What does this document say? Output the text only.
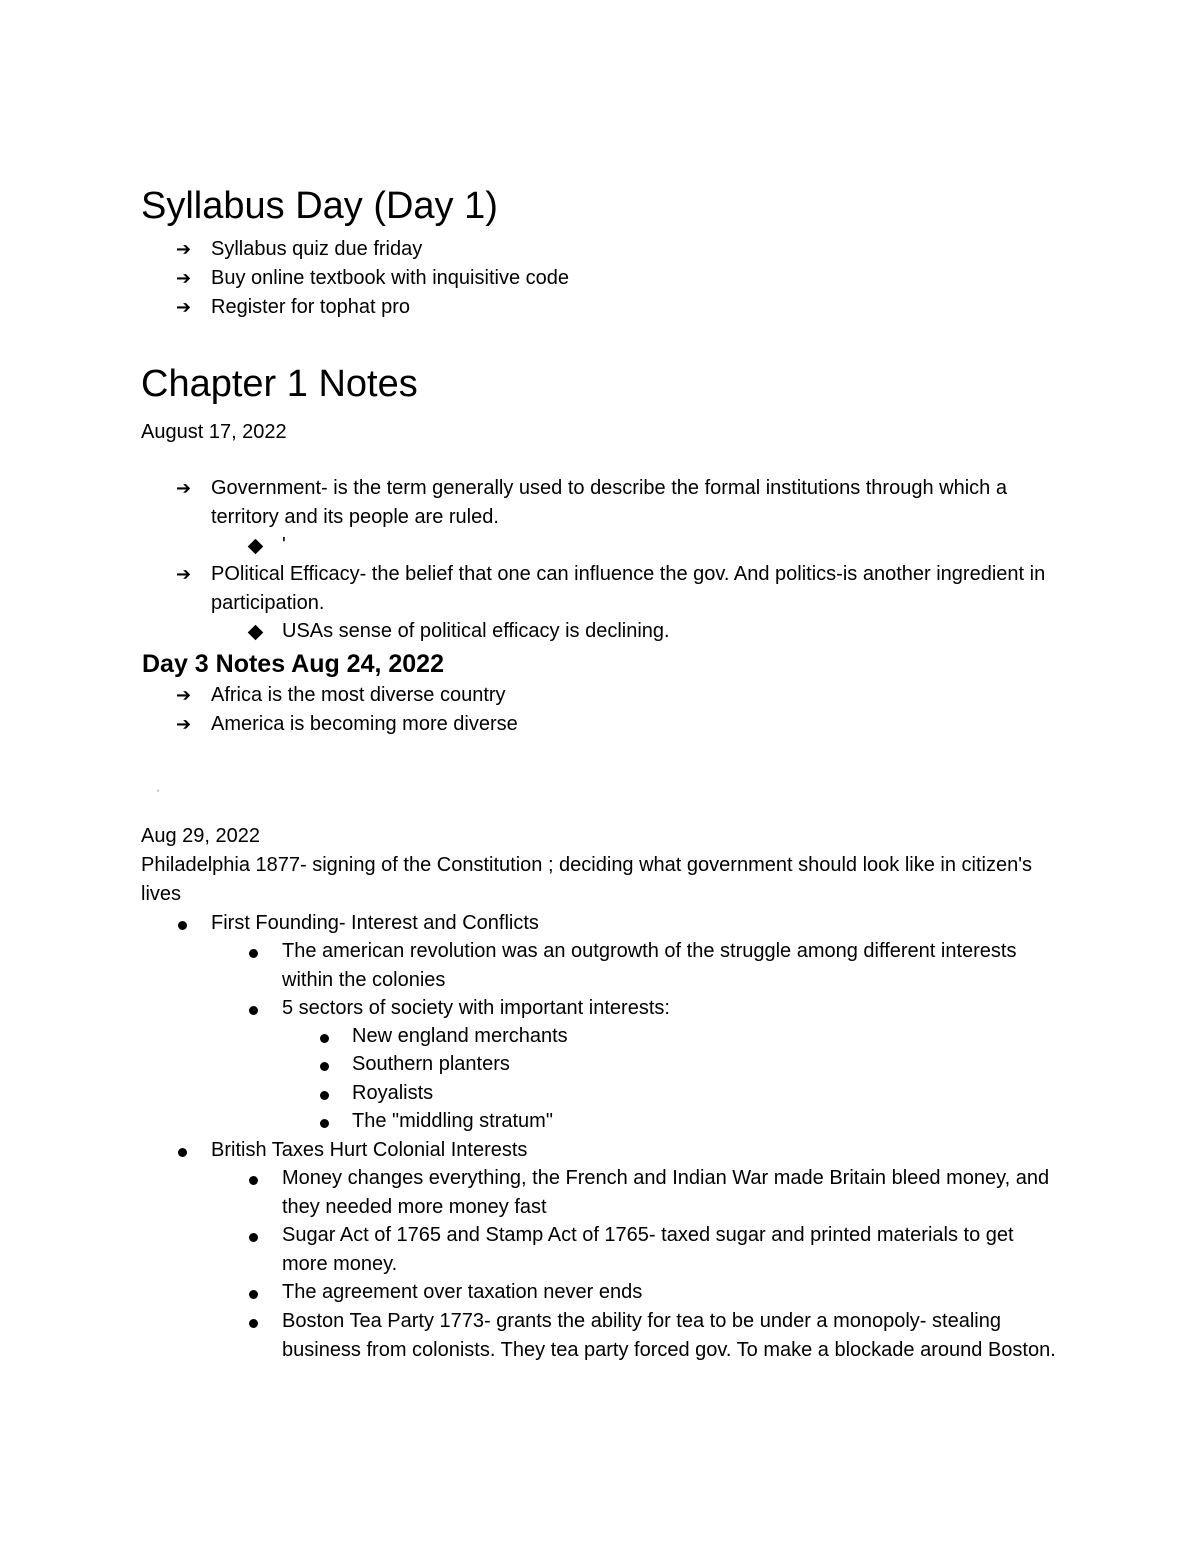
Syllabus Day (Day 1)
➔ Syllabus quiz due friday
➔ Buy online textbook with inquisitive code
➔ Register for tophat pro
Chapter 1 Notes
August 17, 2022
➔ Government- is the term generally used to describe the formal institutions through which a territory and its people are ruled.
'
➔ POlitical Efficacy- the belief that one can influence the gov. And politics-is another ingredient in participation.
USAs sense of political efficacy is declining.
Day 3 Notes Aug 24, 2022
➔ Africa is the most diverse country
➔ America is becoming more diverse
'
Aug 29, 2022
Philadelphia 1877- signing of the Constitution ; deciding what government should look like in citizen's lives
First Founding- Interest and Conflicts
The american revolution was an outgrowth of the struggle among different interests within the colonies
5 sectors of society with important interests:
New england merchants
Southern planters
Royalists
The "middling stratum"
British Taxes Hurt Colonial Interests
Money changes everything, the French and Indian War made Britain bleed money, and they needed more money fast
Sugar Act of 1765 and Stamp Act of 1765- taxed sugar and printed materials to get more money.
The agreement over taxation never ends
Boston Tea Party 1773- grants the ability for tea to be under a monopoly- stealing business from colonists. They tea party forced gov. To make a blockade around Boston.
